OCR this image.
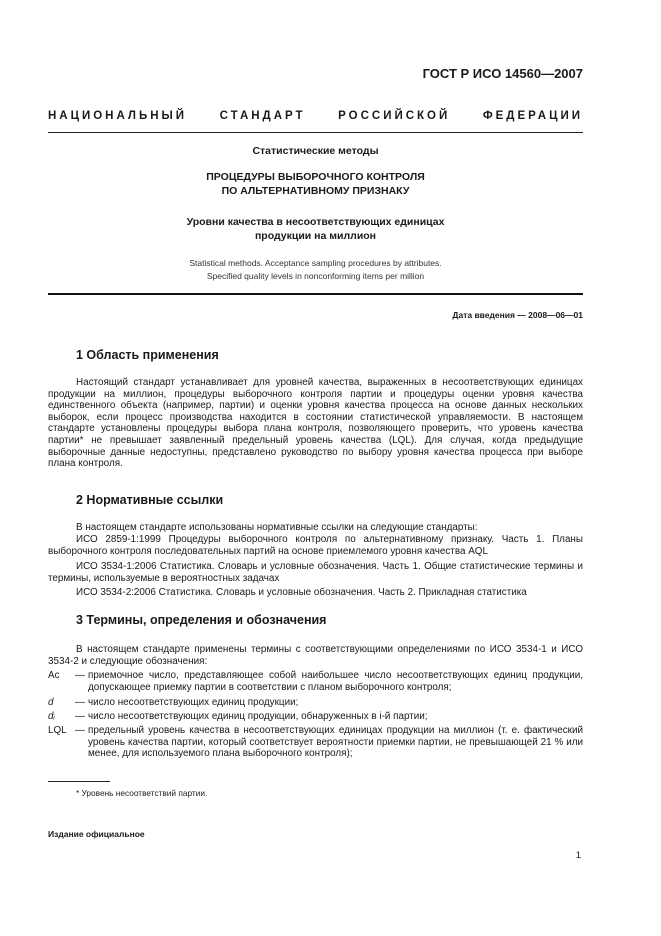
ГОСТ Р ИСО 14560—2007
НАЦИОНАЛЬНЫЙ СТАНДАРТ РОССИЙСКОЙ ФЕДЕРАЦИИ
Статистические методы
ПРОЦЕДУРЫ ВЫБОРОЧНОГО КОНТРОЛЯ
ПО АЛЬТЕРНАТИВНОМУ ПРИЗНАКУ
Уровни качества в несоответствующих единицах
продукции на миллион
Statistical methods. Acceptance sampling procedures by attributes.
Specified quality levels in nonconforming items per million
Дата введения — 2008—06—01
1 Область применения

Настоящий стандарт устанавливает для уровней качества, выраженных в несоответствующих единицах продукции на миллион, процедуры выборочного контроля партии и процедуры оценки уровня качества единственного объекта (например, партии) и оценки уровня качества процесса на основе данных нескольких выборок, если процесс производства находится в состоянии статистической управляемости. В настоящем стандарте установлены процедуры выбора плана контроля, позволяющего проверить, что уровень качества партии* не превышает заявленный предельный уровень качества (LQL). Для случая, когда предыдущие выборочные данные недоступны, представлено руководство по выбору уровня качества процесса при выборе плана контроля.

2 Нормативные ссылки

В настоящем стандарте использованы нормативные ссылки на следующие стандарты:

ИСО 2859-1:1999 Процедуры выборочного контроля по альтернативному признаку. Часть 1. Планы выборочного контроля последовательных партий на основе приемлемого уровня качества AQL

ИСО 3534-1:2006 Статистика. Словарь и условные обозначения. Часть 1. Общие статистические термины и термины, используемые в вероятностных задачах

ИСО 3534-2:2006 Статистика. Словарь и условные обозначения. Часть 2. Прикладная статистика

3 Термины, определения и обозначения

В настоящем стандарте применены термины с соответствующими определениями по ИСО 3534-1 и ИСО 3534-2 и следующие обозначения:

Ac	— приемочное число, представляющее собой наибольшее число несоответствующих единиц продукции, допускающее приемку партии в соответствии с планом выборочного контроля;
d	— число несоответствующих единиц продукции;
dᵢ	— число несоответствующих единиц продукции, обнаруженных в i-й партии;
LQL — предельный уровень качества в несоответствующих единицах продукции на миллион (т. е. фактический уровень качества партии, который соответствует вероятности приемки партии, не превышающей 21 % или менее, для используемого плана выборочного контроля);
* Уровень несоответствий партии.
Издание официальное
1
